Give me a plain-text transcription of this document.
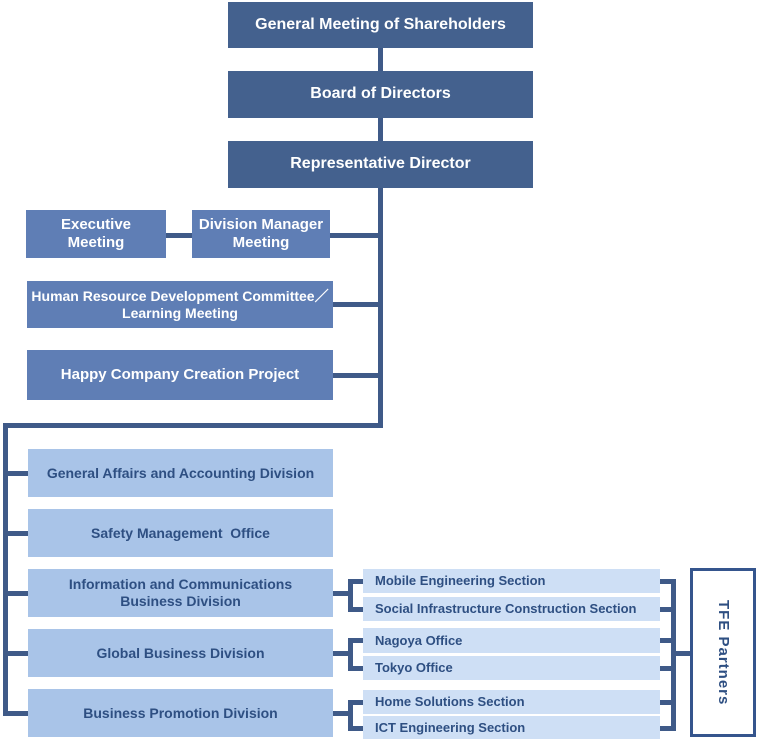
General Meeting of Shareholders
Board of Directors
Representative Director
Executive Meeting
Division Manager Meeting
Human Resource Development Committee／
Learning Meeting
Happy Company Creation Project
General Affairs and Accounting Division
Safety Management  Office
Information and Communications Business Division
Global Business Division
Business Promotion Division
Mobile Engineering Section
Social Infrastructure Construction Section
Nagoya Office
Tokyo Office
Home Solutions Section
ICT Engineering Section
TFE Partners
